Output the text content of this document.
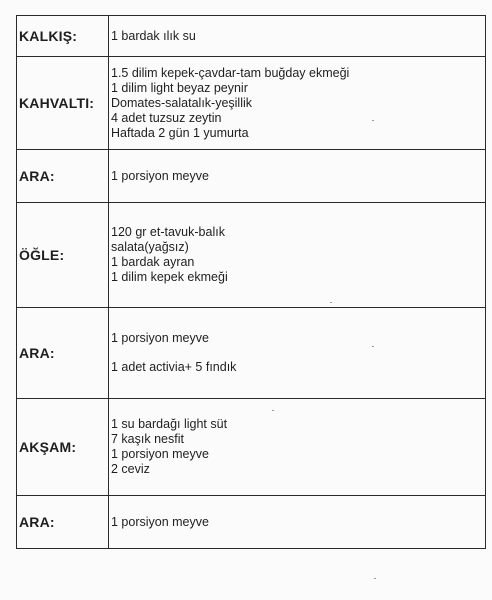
KALKIŞ:	1 bardak ılık su

KAHVALTI:	1.5 dilim kepek-çavdar-tam buğday ekmeği
1 dilim light beyaz peynir
Domates-salatalık-yeşillik
4 adet tuzsuz zeytin
Haftada 2 gün 1 yumurta

ARA:	1 porsiyon meyve

ÖĞLE:	120 gr et-tavuk-balık
salata(yağsız)
1 bardak ayran
1 dilim kepek ekmeği

ARA:	1 porsiyon meyve
1 adet activia+ 5 fındık

AKŞAM:	1 su bardağı light süt
7 kaşık nesfit
1 porsiyon meyve
2 ceviz

ARA:	1 porsiyon meyve
